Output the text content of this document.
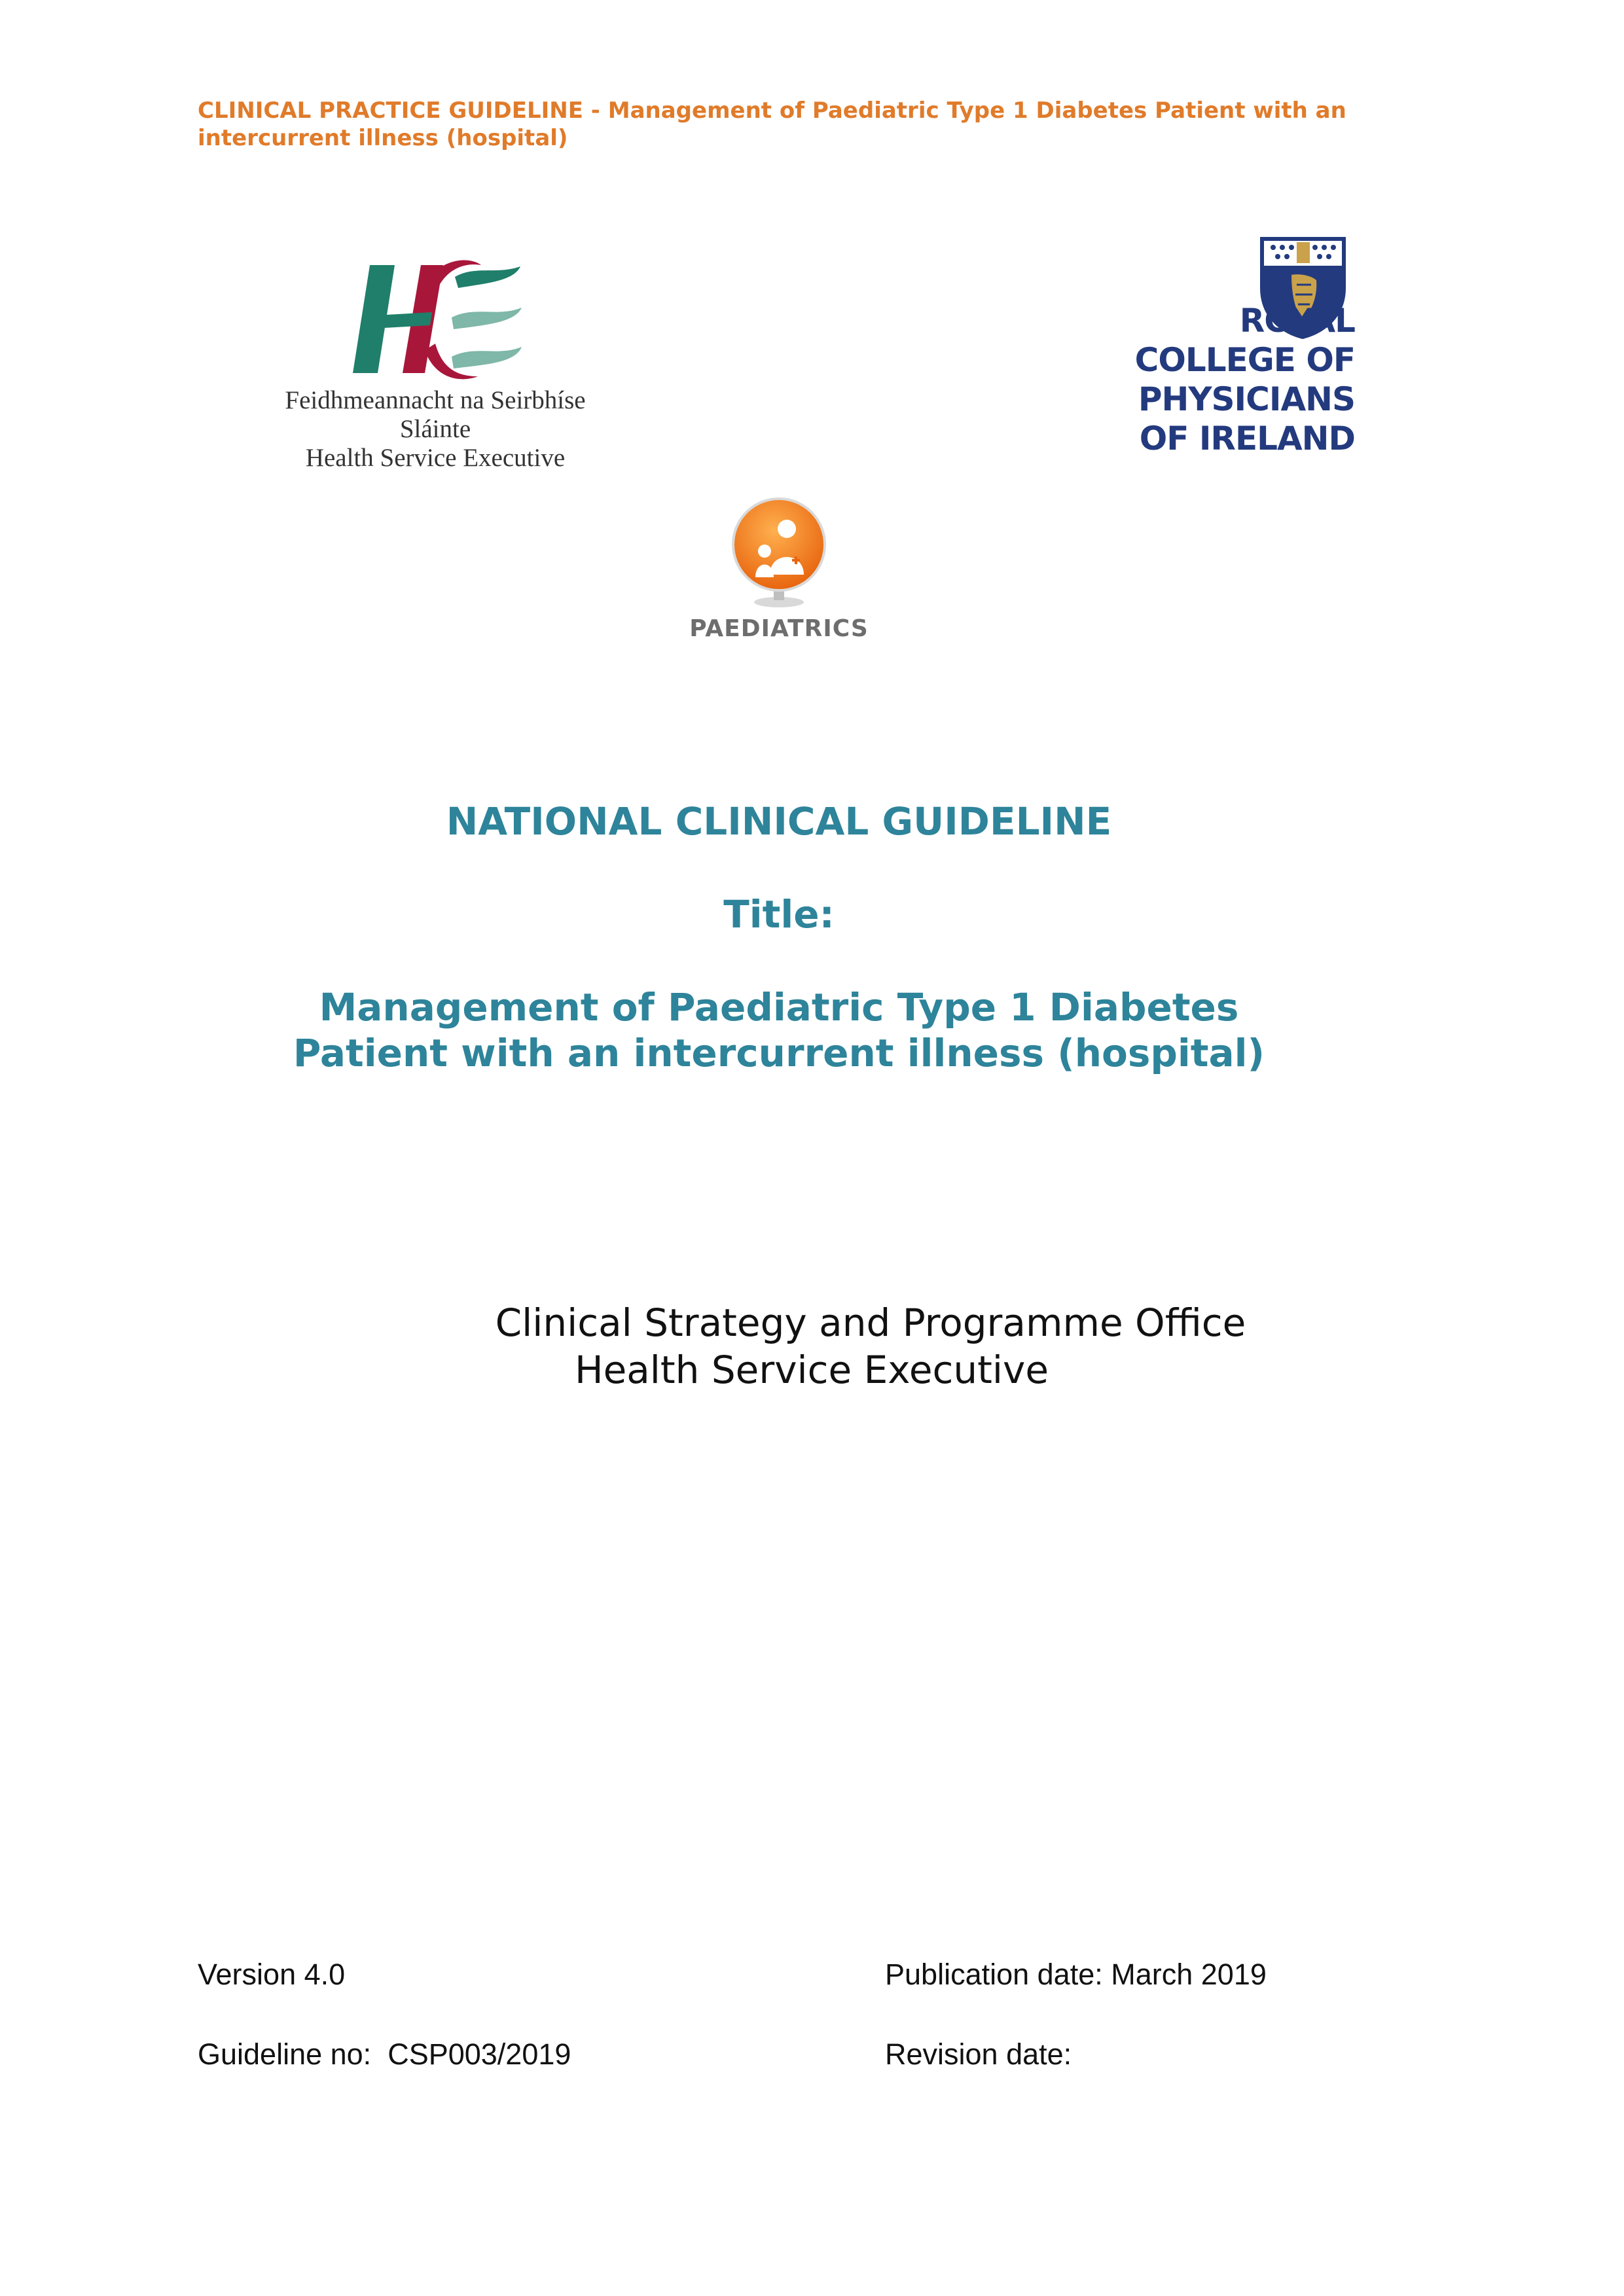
CLINICAL PRACTICE GUIDELINE - Management of Paediatric Type 1 Diabetes Patient with an intercurrent illness (hospital)
Feidhmeannacht na Seirbhíse Sláinte
Health Service Executive
ROYAL
COLLEGE OF
PHYSICIANS
OF IRELAND
PAEDIATRICS
NATIONAL CLINICAL GUIDELINE
Title:
Management of Paediatric Type 1 Diabetes
Patient with an intercurrent illness (hospital)
Clinical Strategy and Programme Office
Health Service Executive
Version 4.0	Publication date: March 2019
Guideline no:  CSP003/2019	Revision date:
